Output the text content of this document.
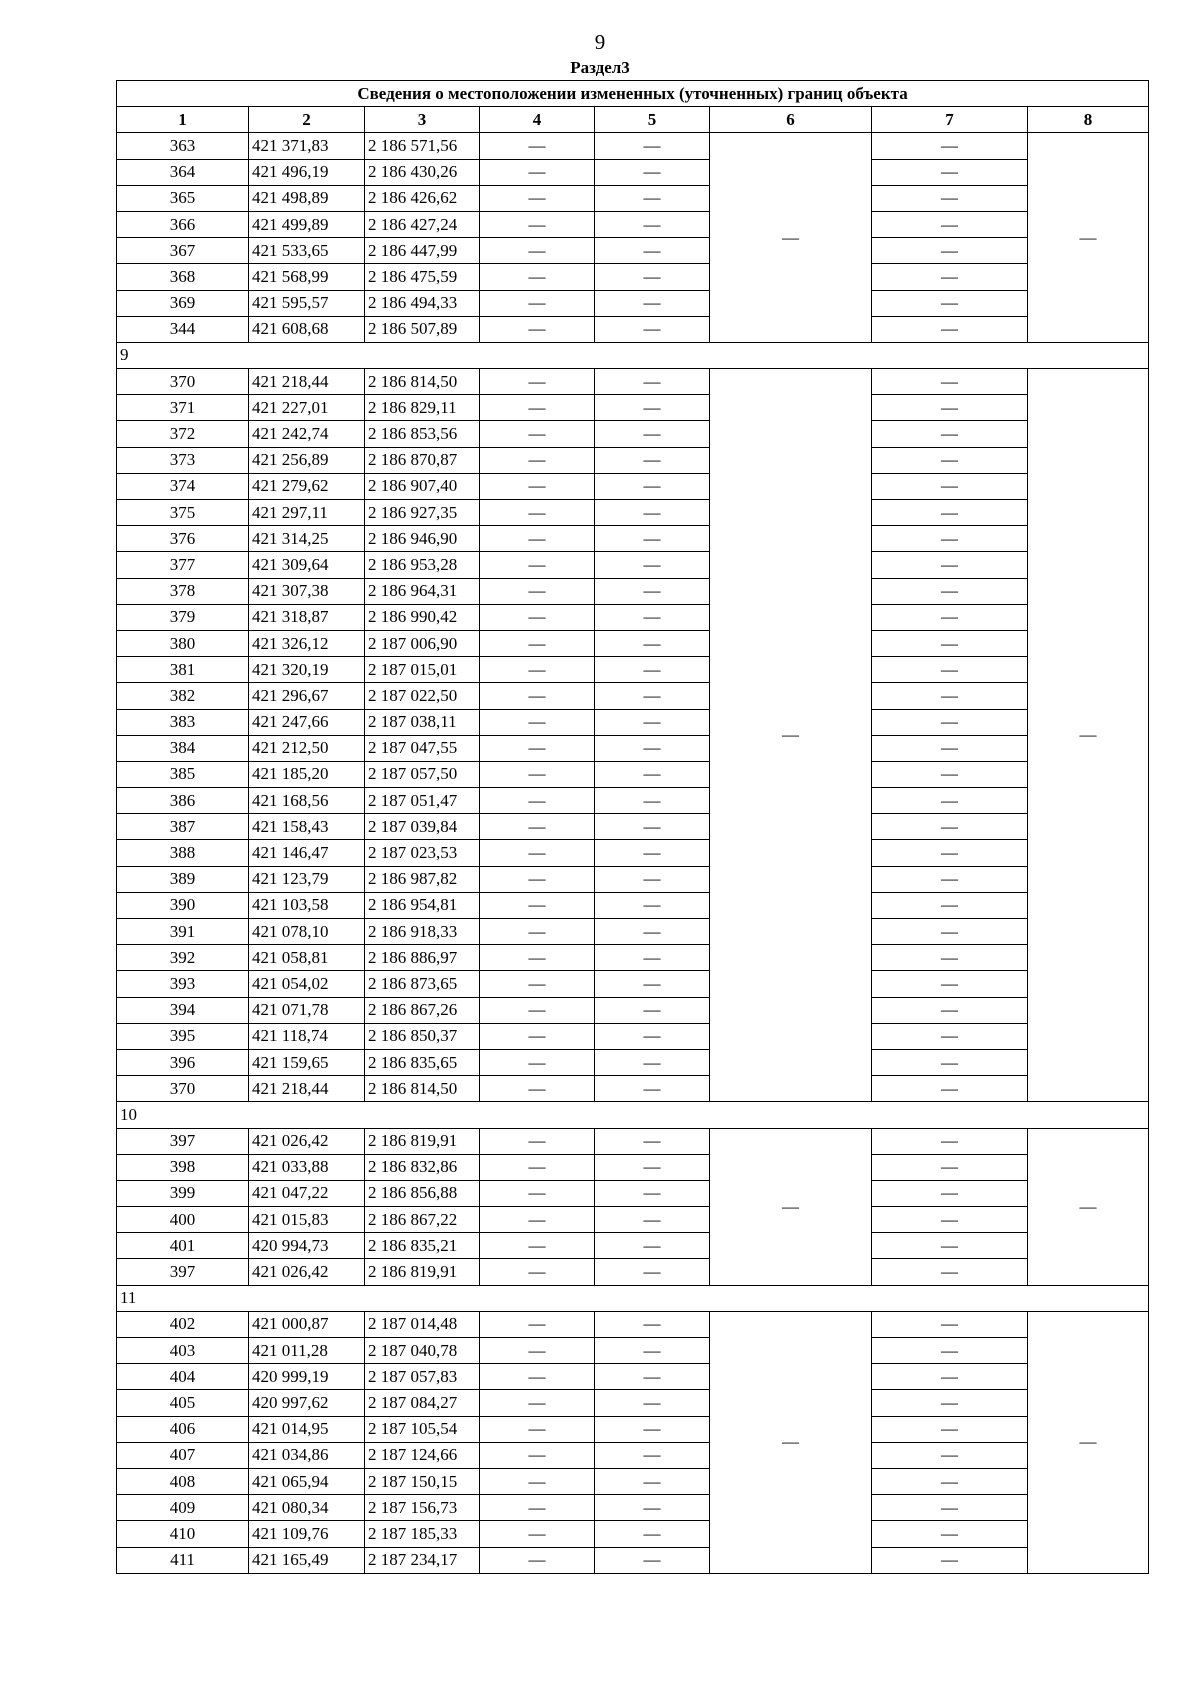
9
Раздел3
Сведения о местоположении измененных (уточненных) границ объекта							
1	2	3	4	5	6	7	8
363	421 371,83	2 186 571,56	—	—	—	—	—
364	421 496,19	2 186 430,26	—	—		—	
365	421 498,89	2 186 426,62	—	—		—	
366	421 499,89	2 186 427,24	—	—		—	
367	421 533,65	2 186 447,99	—	—		—	
368	421 568,99	2 186 475,59	—	—		—	
369	421 595,57	2 186 494,33	—	—		—	
344	421 608,68	2 186 507,89	—	—		—	
9							
370	421 218,44	2 186 814,50	—	—	—	—	—
371	421 227,01	2 186 829,11	—	—		—	
372	421 242,74	2 186 853,56	—	—		—	
373	421 256,89	2 186 870,87	—	—		—	
374	421 279,62	2 186 907,40	—	—		—	
375	421 297,11	2 186 927,35	—	—		—	
376	421 314,25	2 186 946,90	—	—		—	
377	421 309,64	2 186 953,28	—	—		—	
378	421 307,38	2 186 964,31	—	—		—	
379	421 318,87	2 186 990,42	—	—		—	
380	421 326,12	2 187 006,90	—	—		—	
381	421 320,19	2 187 015,01	—	—		—	
382	421 296,67	2 187 022,50	—	—		—	
383	421 247,66	2 187 038,11	—	—		—	
384	421 212,50	2 187 047,55	—	—		—	
385	421 185,20	2 187 057,50	—	—		—	
386	421 168,56	2 187 051,47	—	—		—	
387	421 158,43	2 187 039,84	—	—		—	
388	421 146,47	2 187 023,53	—	—		—	
389	421 123,79	2 186 987,82	—	—		—	
390	421 103,58	2 186 954,81	—	—		—	
391	421 078,10	2 186 918,33	—	—		—	
392	421 058,81	2 186 886,97	—	—		—	
393	421 054,02	2 186 873,65	—	—		—	
394	421 071,78	2 186 867,26	—	—		—	
395	421 118,74	2 186 850,37	—	—		—	
396	421 159,65	2 186 835,65	—	—		—	
370	421 218,44	2 186 814,50	—	—		—	
10							
397	421 026,42	2 186 819,91	—	—	—	—	—
398	421 033,88	2 186 832,86	—	—		—	
399	421 047,22	2 186 856,88	—	—		—	
400	421 015,83	2 186 867,22	—	—		—	
401	420 994,73	2 186 835,21	—	—		—	
397	421 026,42	2 186 819,91	—	—		—	
11							
402	421 000,87	2 187 014,48	—	—	—	—	—
403	421 011,28	2 187 040,78	—	—		—	
404	420 999,19	2 187 057,83	—	—		—	
405	420 997,62	2 187 084,27	—	—		—	
406	421 014,95	2 187 105,54	—	—		—	
407	421 034,86	2 187 124,66	—	—		—	
408	421 065,94	2 187 150,15	—	—		—	
409	421 080,34	2 187 156,73	—	—		—	
410	421 109,76	2 187 185,33	—	—		—	
411	421 165,49	2 187 234,17	—	—		—	
